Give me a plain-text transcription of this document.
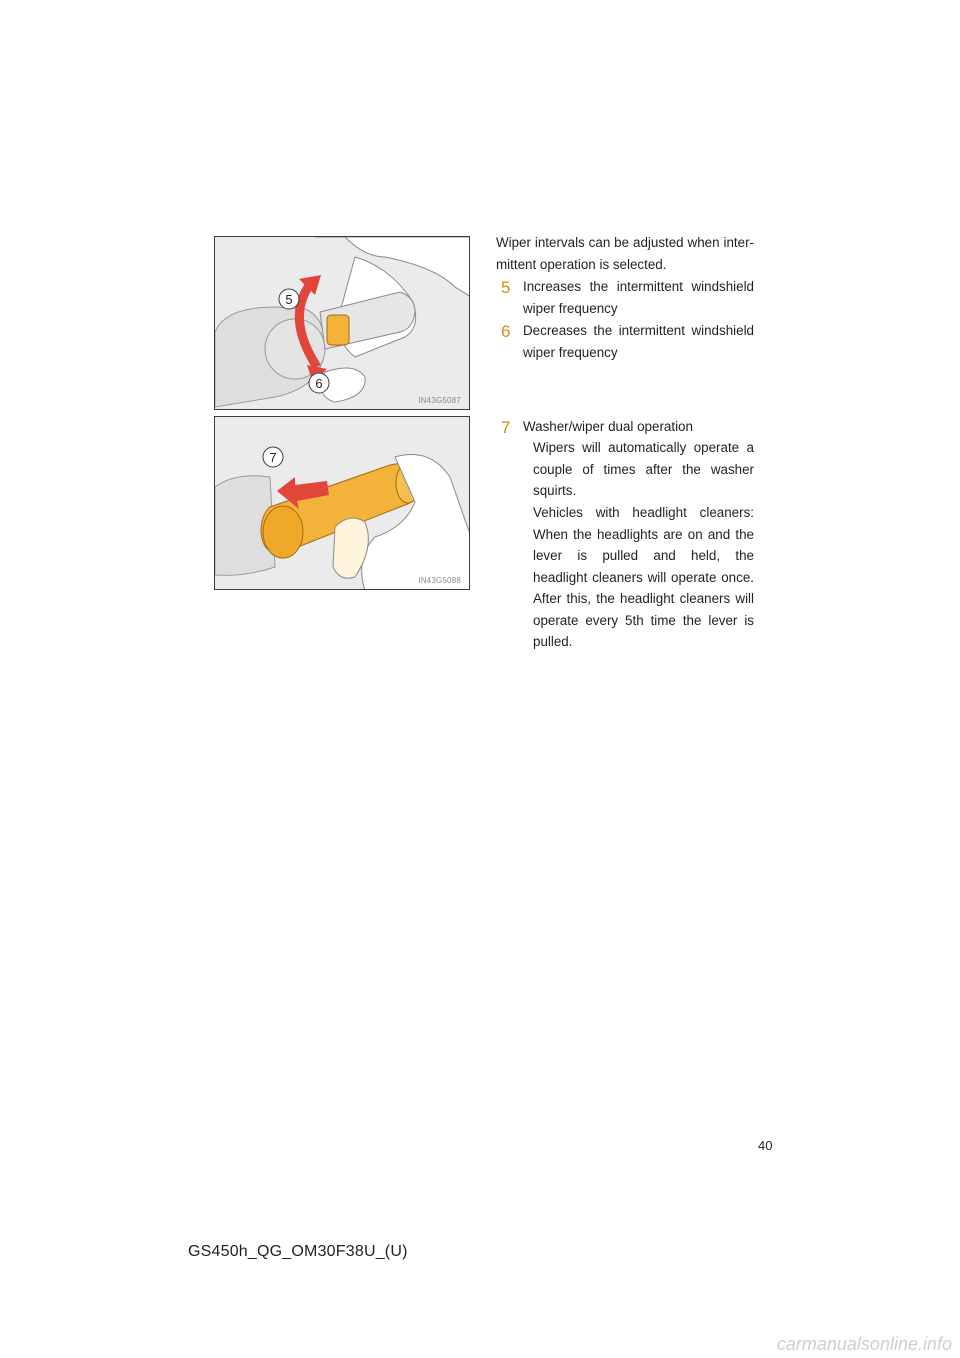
5
6
IN43G5087
7
IN43G5088
Wiper intervals can be adjusted when inter-mittent operation is selected.
5 Increases the intermittent windshield wiper frequency
6 Decreases the intermittent windshield wiper frequency
7 Washer/wiper dual operation
Wipers will automatically operate a couple of times after the washer squirts.
Vehicles with headlight cleaners: When the headlights are on and the lever is pulled and held, the headlight cleaners will operate once. After this, the headlight cleaners will operate every 5th time the lever is pulled.
40
GS450h_QG_OM30F38U_(U)
carmanualsonline.info
